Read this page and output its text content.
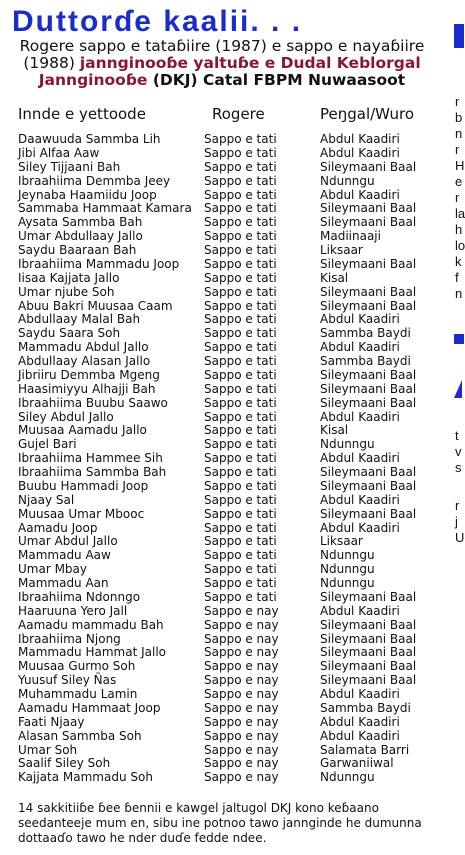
Duttorɗe kaalii. . .
Rogere sappo e tataɓiire (1987) e sappo e nayaɓiire
(1988) jannginooɓe yaltuɓe e Dudal Keblorgal
Jannginooɓe (DKJ) Catal FBPM Nuwaasoot
Innde e yettoode	Rogere	Peŋgal/Wuro
Daawuuda Sammba Lih	Sappo e tati	Abdul Kaadiri
Jibi Alfaa Aaw	Sappo e tati	Abdul Kaadiri
Siley Tijjaani Bah	Sappo e tati	Sileymaani Baal
Ibraahiima Demmba Jeey	Sappo e tati	Ndunngu
Jeynaba Haamiidu Joop	Sappo e tati	Abdul Kaadiri
Sammaba Hammaat Kamara	Sappo e tati	Sileymaani Baal
Aysata Sammba Bah	Sappo e tati	Sileymaani Baal
Umar Abdullaay Jallo	Sappo e tati	Madiinaaji
Saydu Baaraan Bah	Sappo e tati	Liksaar
Ibraahiima Mammadu Joop	Sappo e tati	Sileymaani Baal
Iisaa Kajjata Jallo	Sappo e tati	Kisal
Umar njube Soh	Sappo e tati	Sileymaani Baal
Abuu Bakri Muusaa Caam	Sappo e tati	Sileymaani Baal
Abdullaay Malal Bah	Sappo e tati	Abdul Kaadiri
Saydu Saara Soh	Sappo e tati	Sammba Baydi
Mammadu Abdul Jallo	Sappo e tati	Abdul Kaadiri
Abdullaay Alasan Jallo	Sappo e tati	Sammba Baydi
Jibriiru Demmba Mgeng	Sappo e tati	Sileymaani Baal
Haasimiyyu Alhajji Bah	Sappo e tati	Sileymaani Baal
Ibraahiima Buubu Saawo	Sappo e tati	Sileymaani Baal
Siley Abdul Jallo	Sappo e tati	Abdul Kaadiri
Muusaa Aamadu Jallo	Sappo e tati	Kisal
Gujel Bari	Sappo e tati	Ndunngu
Ibraahiima Hammee Sih	Sappo e tati	Abdul Kaadiri
Ibraahiima Sammba Bah	Sappo e tati	Sileymaani Baal
Buubu Hammadi Joop	Sappo e tati	Sileymaani Baal
Njaay Sal	Sappo e tati	Abdul Kaadiri
Muusaa Umar Mbooc	Sappo e tati	Sileymaani Baal
Aamadu Joop	Sappo e tati	Abdul Kaadiri
Umar Abdul Jallo	Sappo e tati	Liksaar
Mammadu Aaw	Sappo e tati	Ndunngu
Umar Mbay	Sappo e tati	Ndunngu
Mammadu Aan	Sappo e tati	Ndunngu
Ibraahiima Ndonngo	Sappo e tati	Sileymaani Baal
Haaruuna Yero Jall	Sappo e nay	Abdul Kaadiri
Aamadu mammadu Bah	Sappo e nay	Sileymaani Baal
Ibraahiima Njong	Sappo e nay	Sileymaani Baal
Mammadu Hammat Jallo	Sappo e nay	Sileymaani Baal
Muusaa Gurmo Soh	Sappo e nay	Sileymaani Baal
Yuusuf Siley Ñas	Sappo e nay	Sileymaani Baal
Muhammadu Lamin	Sappo e nay	Abdul Kaadiri
Aamadu Hammaat Joop	Sappo e nay	Sammba Baydi
Faati Njaay	Sappo e nay	Abdul Kaadiri
Alasan Sammba Soh	Sappo e nay	Abdul Kaadiri
Umar Soh	Sappo e nay	Salamata Barri
Saalif Siley Soh	Sappo e nay	Garwaniiwal
Kajjata Mammadu Soh	Sappo e nay	Ndunngu
14 sakkitiiɓe ɓee ɓennii e kawgel jaltugol DKJ kono keɓaano seedanteeje mum en, sibu ine potnoo tawo jannginde he dumunna dottaaɗo tawo he nder duɗe fedde ndee.
r
b
n
r
H
e
r
la
h
lo
k
f
n
t
v
s
r
j
U
